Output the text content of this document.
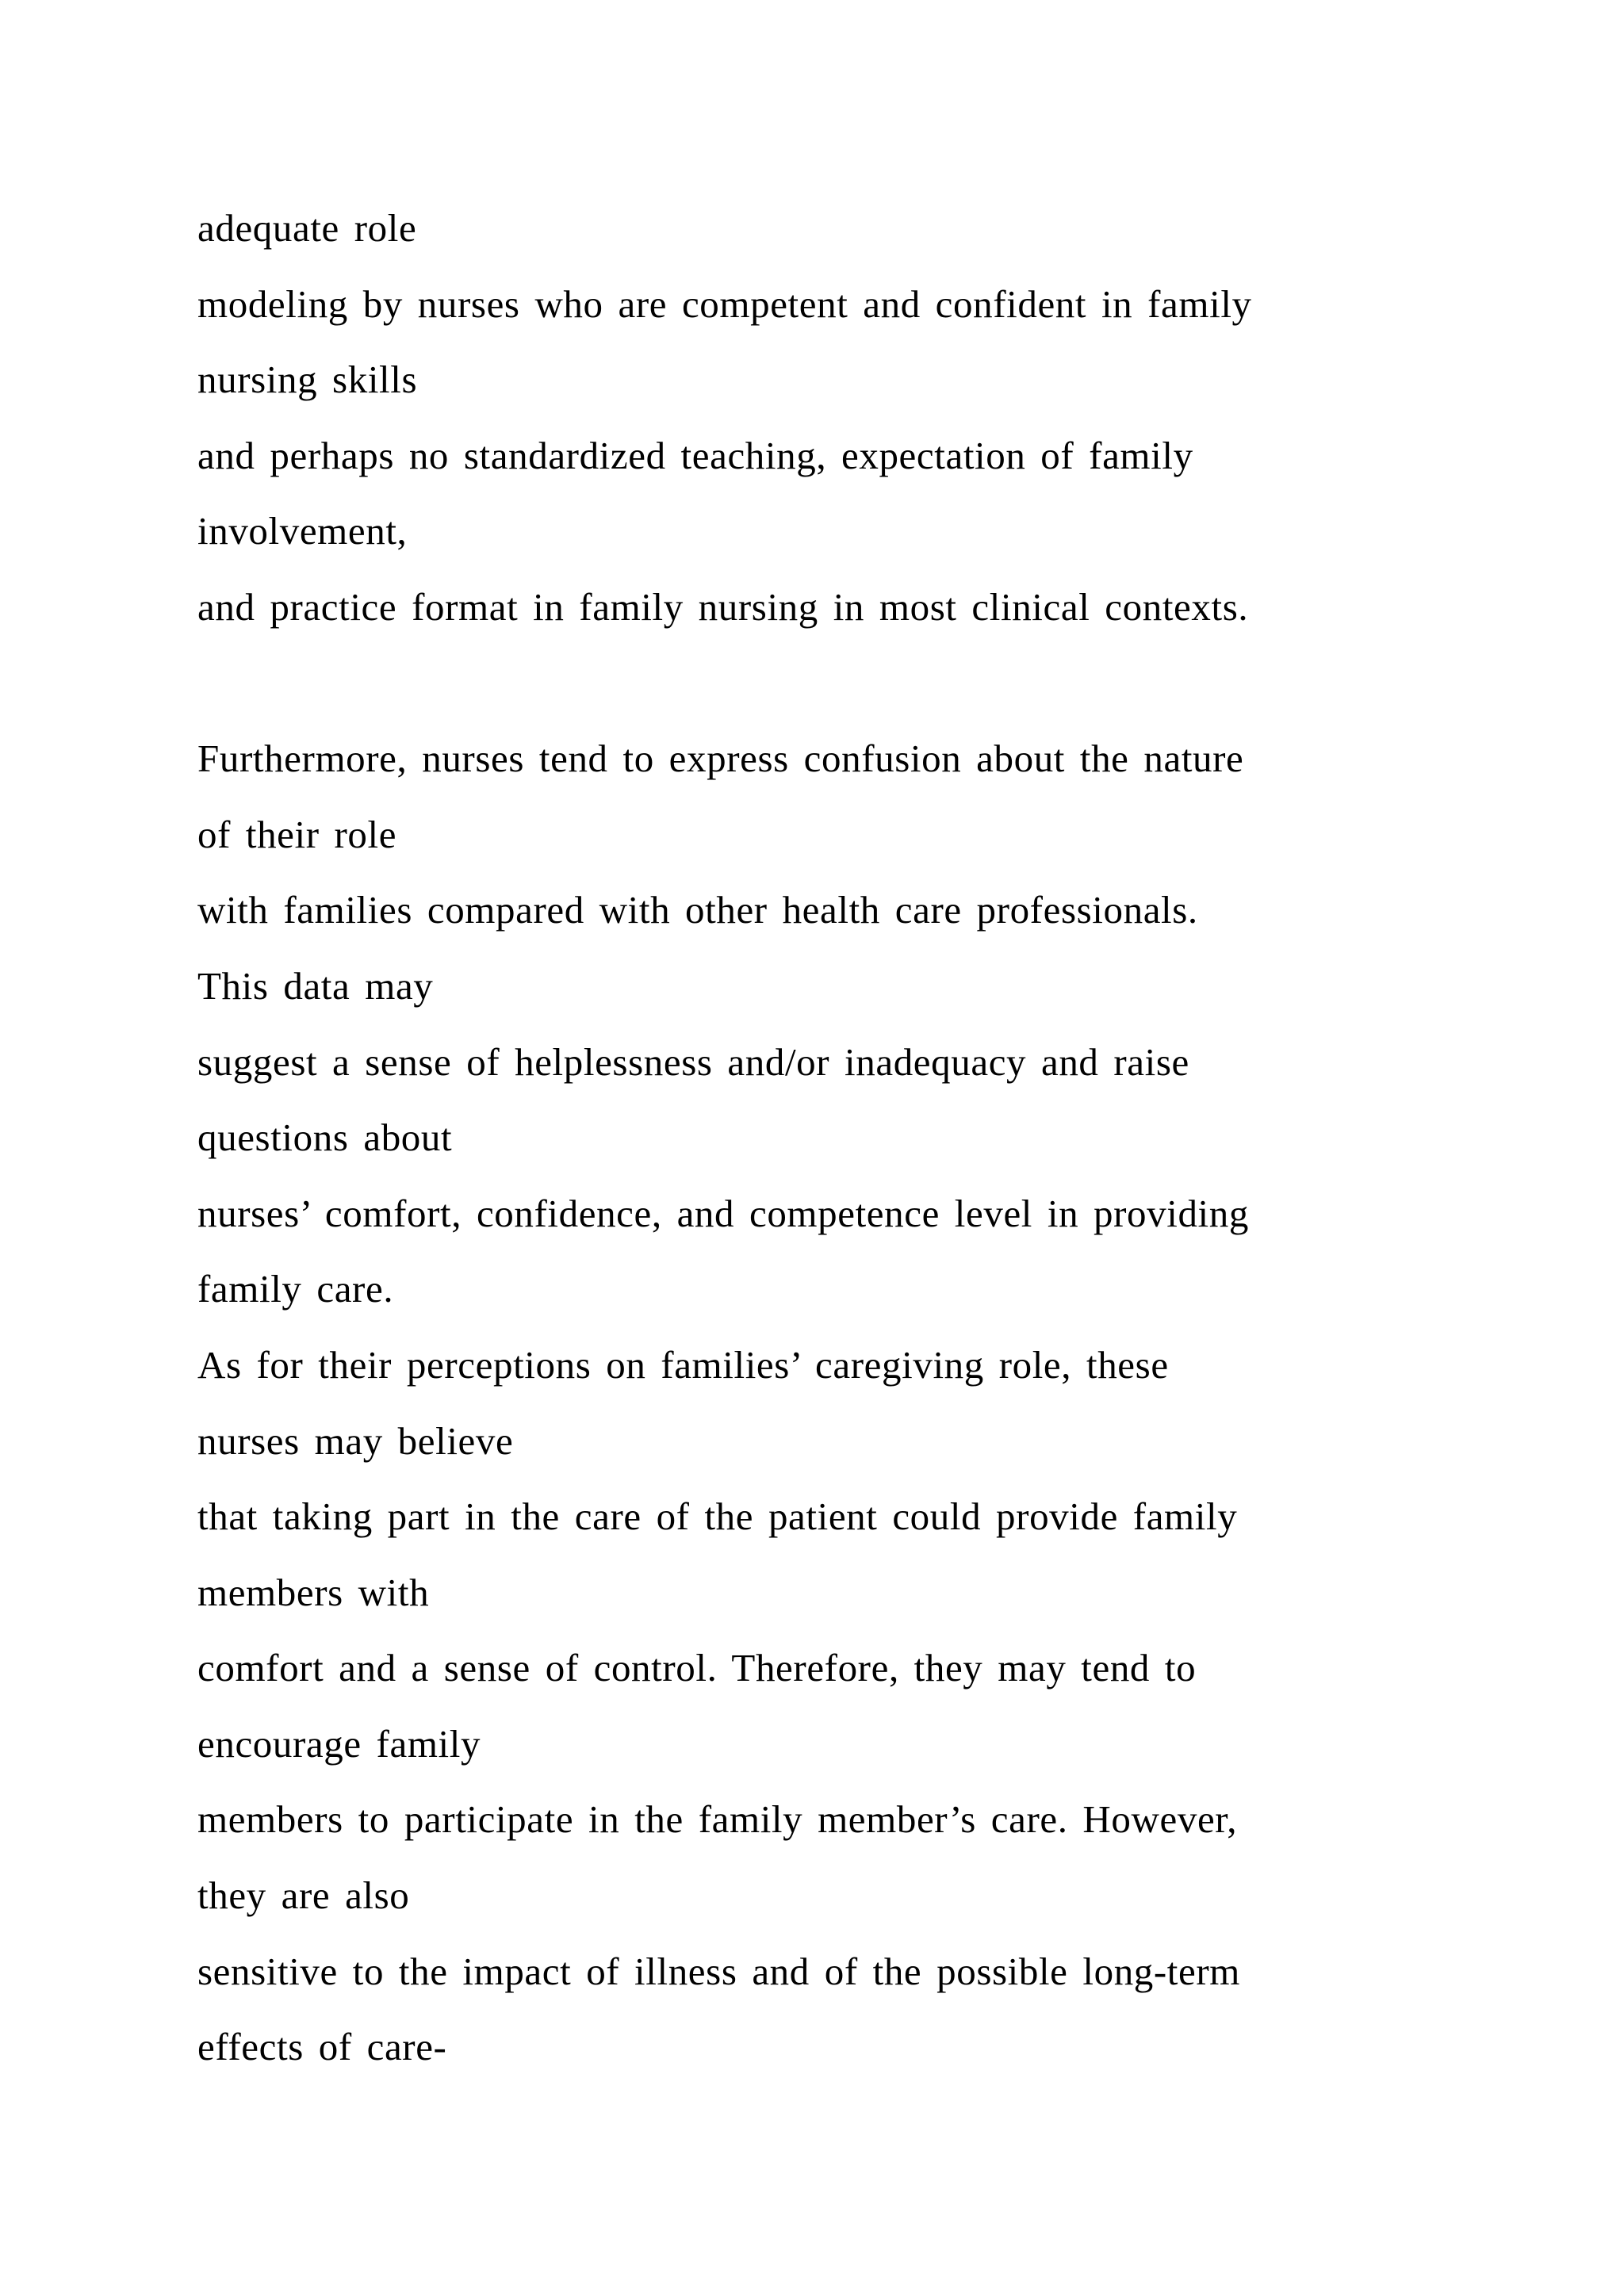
adequate role
modeling by nurses who are competent and confident in family
nursing skills
and perhaps no standardized teaching, expectation of family
involvement,
and practice format in family nursing in most clinical contexts.
Furthermore, nurses tend to express confusion about the nature
of their role
with families compared with other health care professionals.
This data may
suggest a sense of helplessness and/or inadequacy and raise
questions about
nurses’ comfort, confidence, and competence level in providing
family care.
As for their perceptions on families’ caregiving role, these
nurses may believe
that taking part in the care of the patient could provide family
members with
comfort and a sense of control. Therefore, they may tend to
encourage family
members to participate in the family member’s care. However,
they are also
sensitive to the impact of illness and of the possible long-term
effects of care-
